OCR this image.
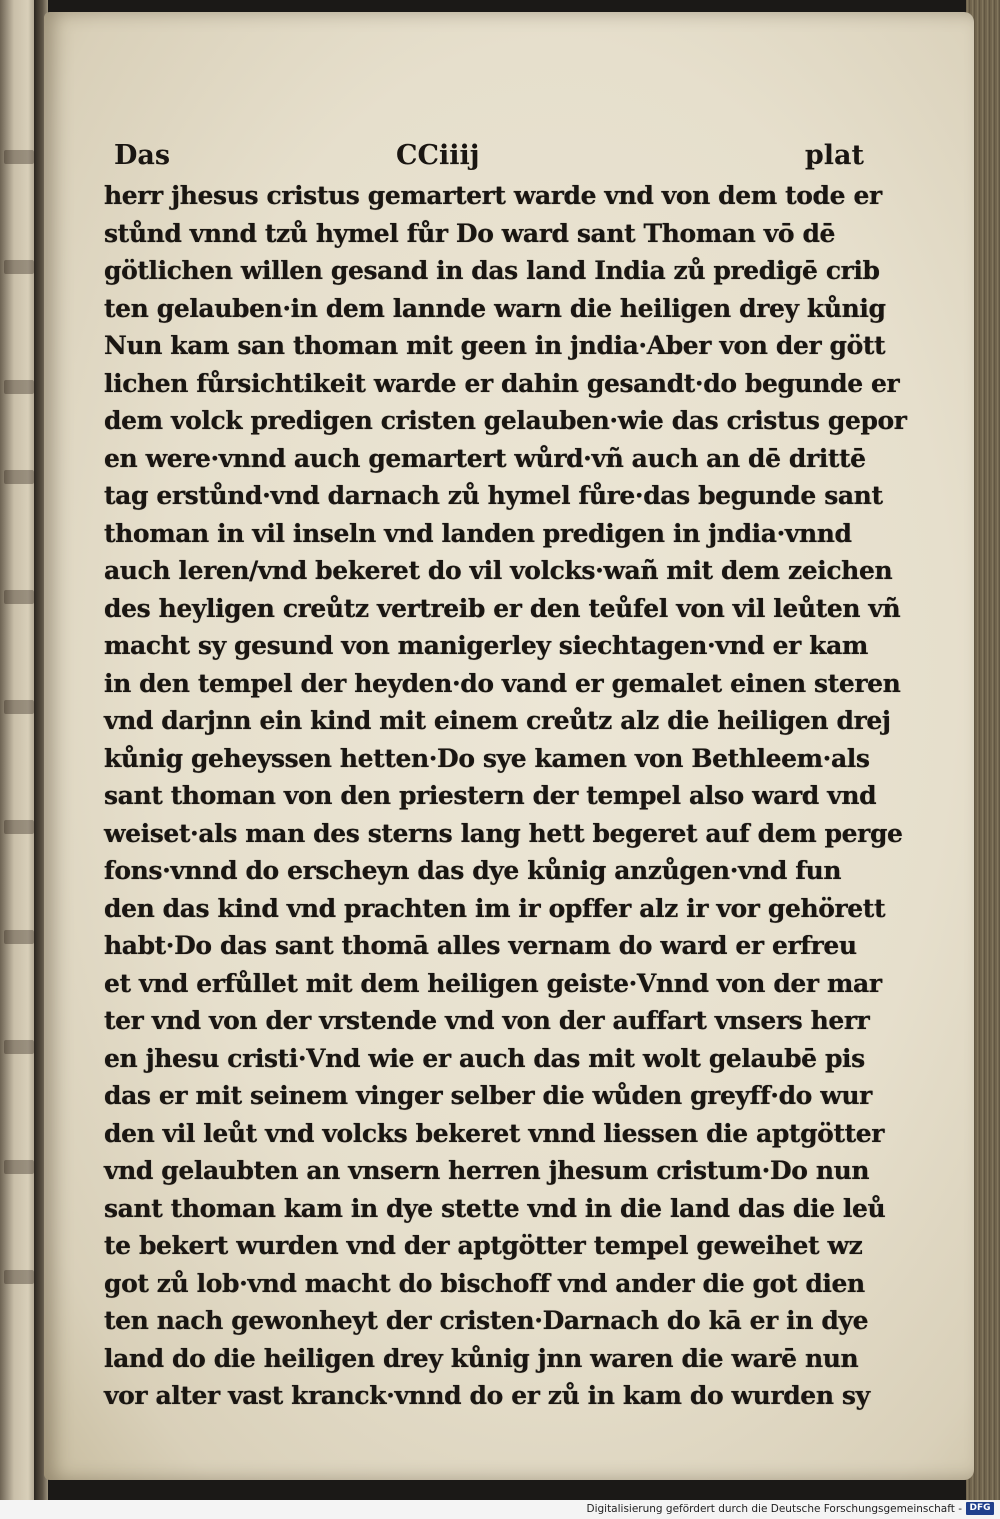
Das	CCiiij	plat
herr jhesus cristus gemartert warde vnd von dem tode er
stůnd vnnd tzů hymel fůr Do ward sant Thoman vō dē
götlichen willen gesand in das land India zů predigē crib
ten gelauben·in dem lannde warn die heiligen drey kůnig
Nun kam san thoman mit geen in jndia·Aber von der gött
lichen fůrsichtikeit warde er dahin gesandt·do begunde er
dem volck predigen cristen gelauben·wie das cristus gepor
en were·vnnd auch gemartert wůrd·vñ auch an dē drittē
tag erstůnd·vnd darnach zů hymel fůre·das begunde sant
thoman in vil inseln vnd landen predigen in jndia·vnnd
auch leren/vnd bekeret do vil volcks·wañ mit dem zeichen
des heyligen creůtz vertreib er den teůfel von vil leůten vñ
macht sy gesund von manigerley siechtagen·vnd er kam
in den tempel der heyden·do vand er gemalet einen steren
vnd darjnn ein kind mit einem creůtz alz die heiligen drej
kůnig geheyssen hetten·Do sye kamen von Bethleem·als
sant thoman von den priestern der tempel also ward vnd
weiset·als man des sterns lang hett begeret auf dem perge
fons·vnnd do erscheyn das dye kůnig anzůgen·vnd fun
den das kind vnd prachten im ir opffer alz ir vor gehörett
habt·Do das sant thomā alles vernam do ward er erfreu
et vnd erfůllet mit dem heiligen geiste·Vnnd von der mar
ter vnd von der vrstende vnd von der auffart vnsers herr
en jhesu cristi·Vnd wie er auch das mit wolt gelaubē pis
das er mit seinem vinger selber die wůden greyff·do wur
den vil leůt vnd volcks bekeret vnnd liessen die aptgötter
vnd gelaubten an vnsern herren jhesum cristum·Do nun
sant thoman kam in dye stette vnd in die land das die leů
te bekert wurden vnd der aptgötter tempel geweihet wz
got zů lob·vnd macht do bischoff vnd ander die got dien
ten nach gewonheyt der cristen·Darnach do kā er in dye
land do die heiligen drey kůnig jnn waren die warē nun
vor alter vast kranck·vnnd do er zů in kam do wurden sy
Digitalisierung gefördert durch die Deutsche Forschungsgemeinschaft - DFG
